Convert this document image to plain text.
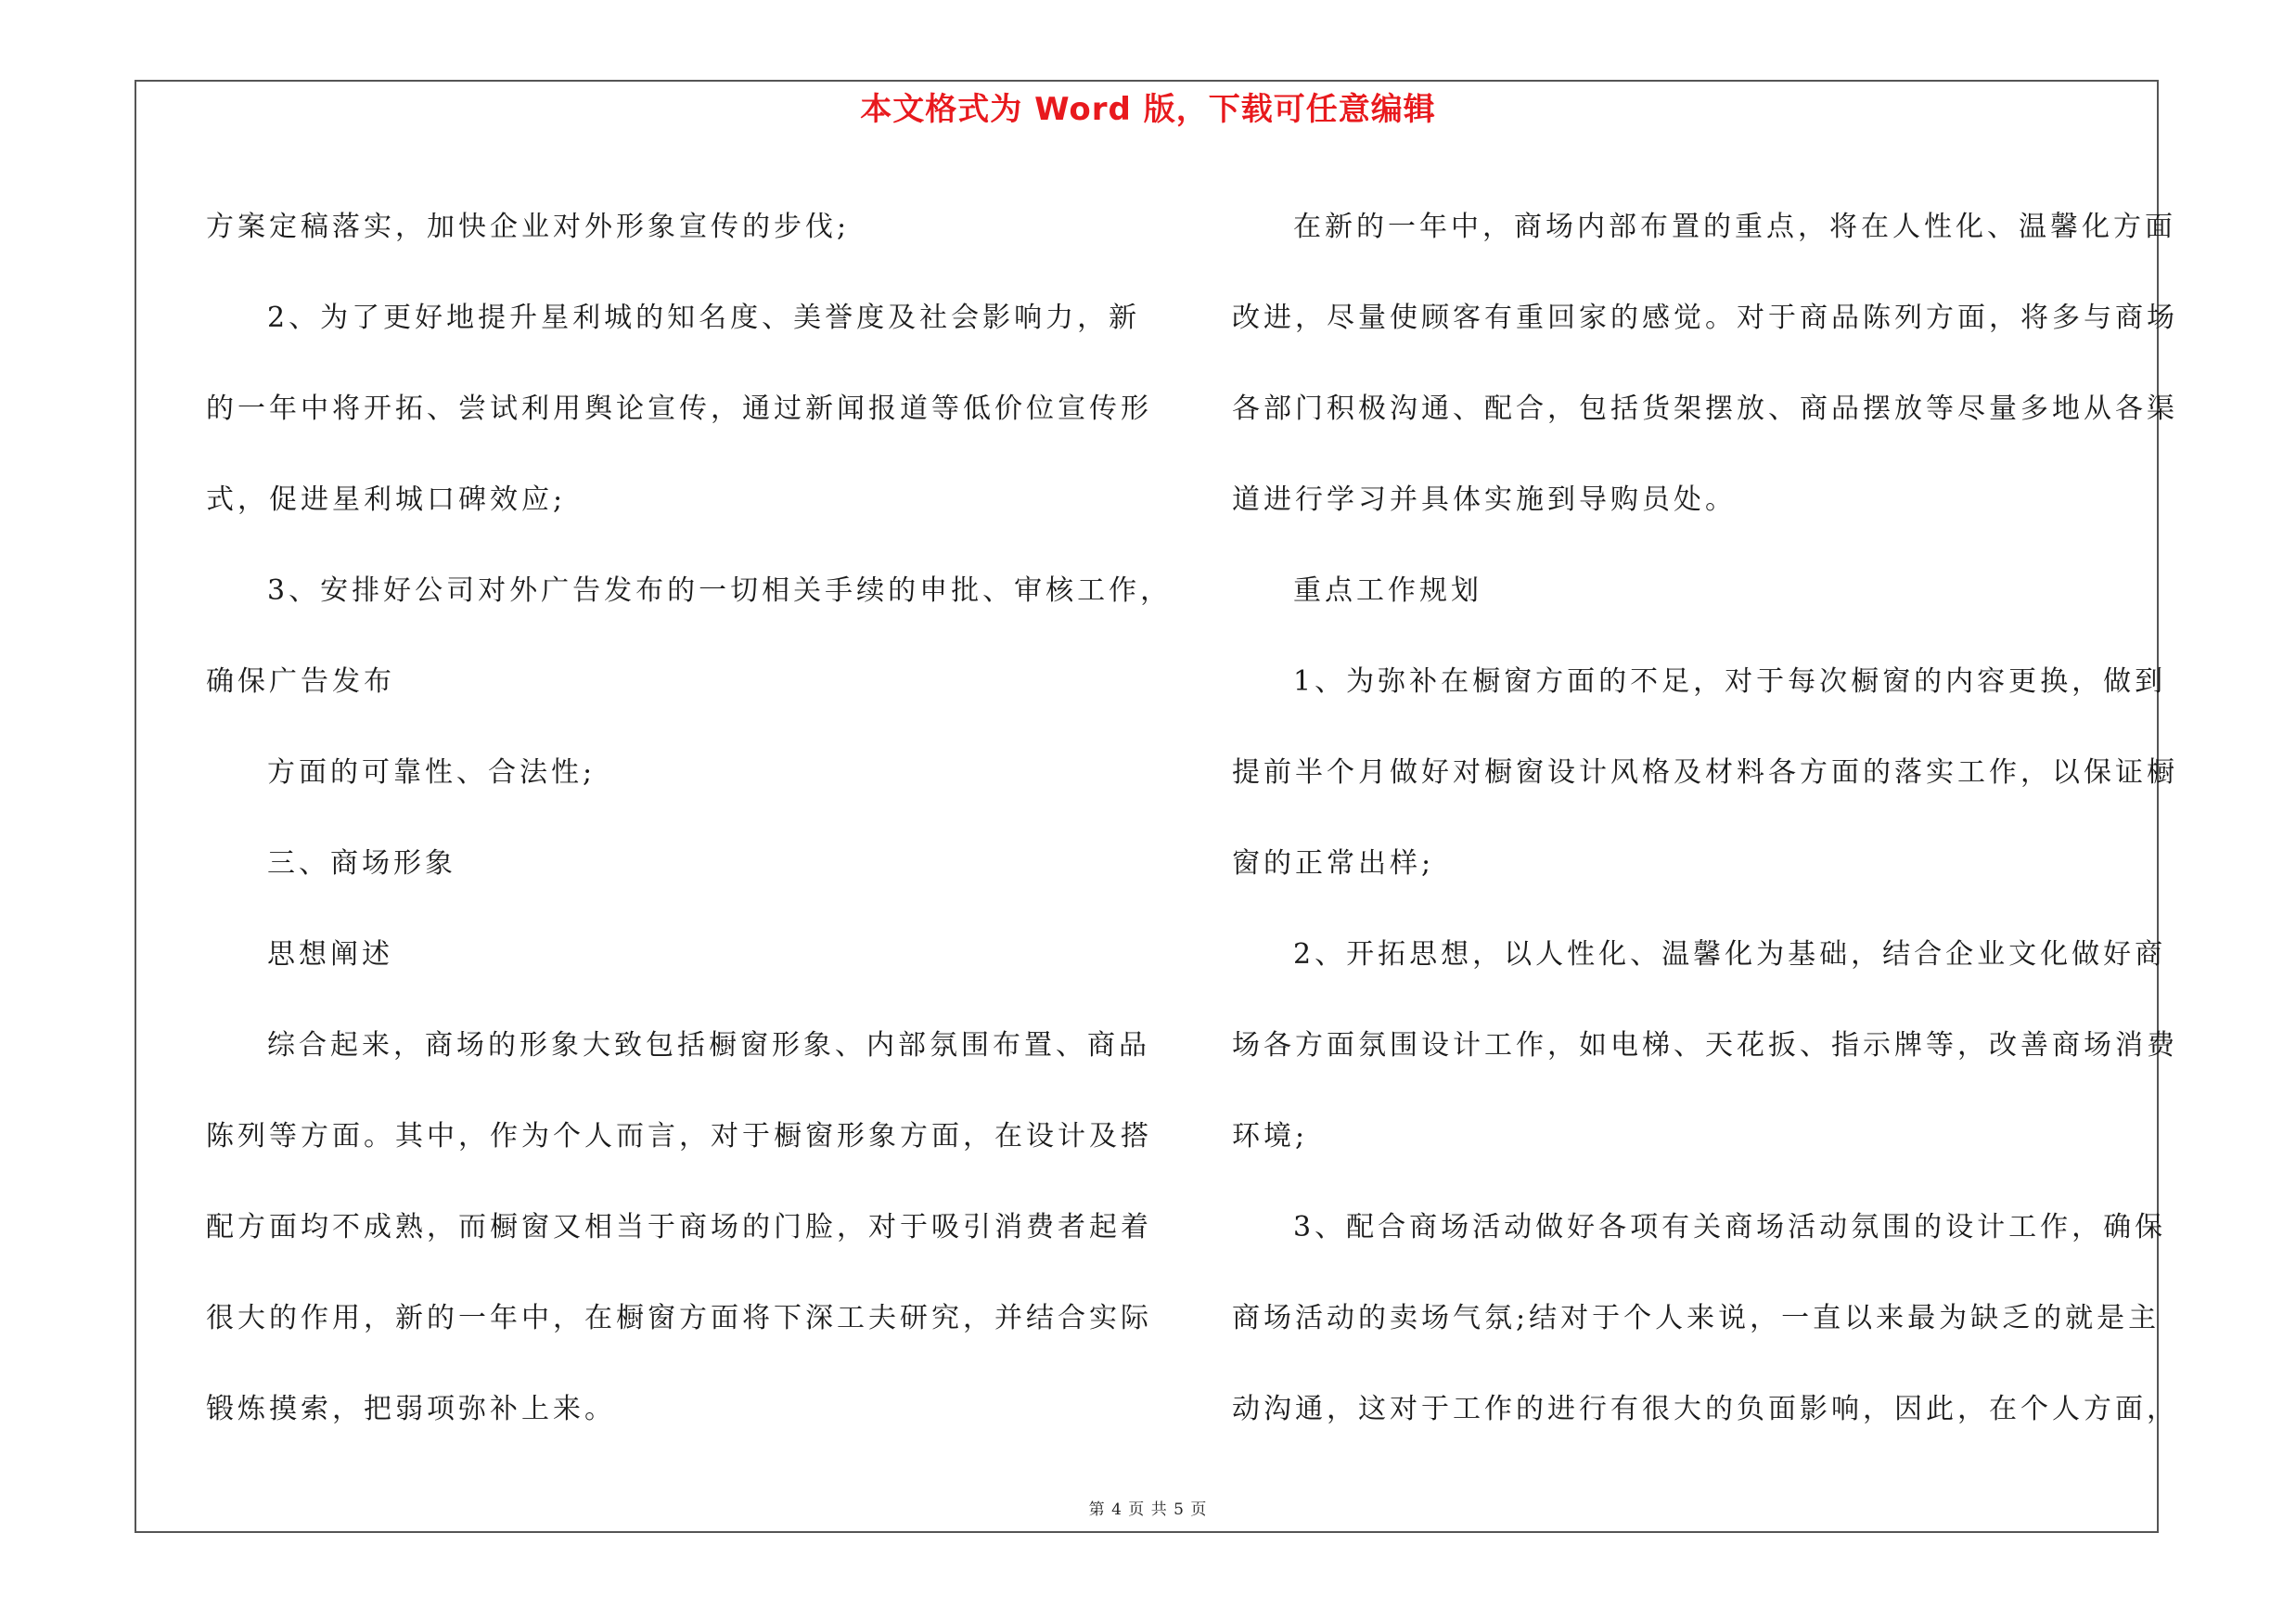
本文格式为 Word 版，下载可任意编辑

方案定稿落实，加快企业对外形象宣传的步伐;

2、为了更好地提升星利城的知名度、美誉度及社会影响力，新

的一年中将开拓、尝试利用舆论宣传，通过新闻报道等低价位宣传形

式，促进星利城口碑效应;

3、安排好公司对外广告发布的一切相关手续的申批、审核工作，

确保广告发布

方面的可靠性、合法性;

三、商场形象

思想阐述

综合起来，商场的形象大致包括橱窗形象、内部氛围布置、商品

陈列等方面。其中，作为个人而言，对于橱窗形象方面，在设计及搭

配方面均不成熟，而橱窗又相当于商场的门脸，对于吸引消费者起着

很大的作用，新的一年中，在橱窗方面将下深工夫研究，并结合实际

锻炼摸索，把弱项弥补上来。

在新的一年中，商场内部布置的重点，将在人性化、温馨化方面

改进，尽量使顾客有重回家的感觉。对于商品陈列方面，将多与商场

各部门积极沟通、配合，包括货架摆放、商品摆放等尽量多地从各渠

道进行学习并具体实施到导购员处。

重点工作规划

1、为弥补在橱窗方面的不足，对于每次橱窗的内容更换，做到

提前半个月做好对橱窗设计风格及材料各方面的落实工作，以保证橱

窗的正常出样;

2、开拓思想，以人性化、温馨化为基础，结合企业文化做好商

场各方面氛围设计工作，如电梯、天花扳、指示牌等，改善商场消费

环境;

3、配合商场活动做好各项有关商场活动氛围的设计工作，确保

商场活动的卖场气氛;结对于个人来说，一直以来最为缺乏的就是主

动沟通，这对于工作的进行有很大的负面影响，因此，在个人方面，

第 4 页 共 5 页
